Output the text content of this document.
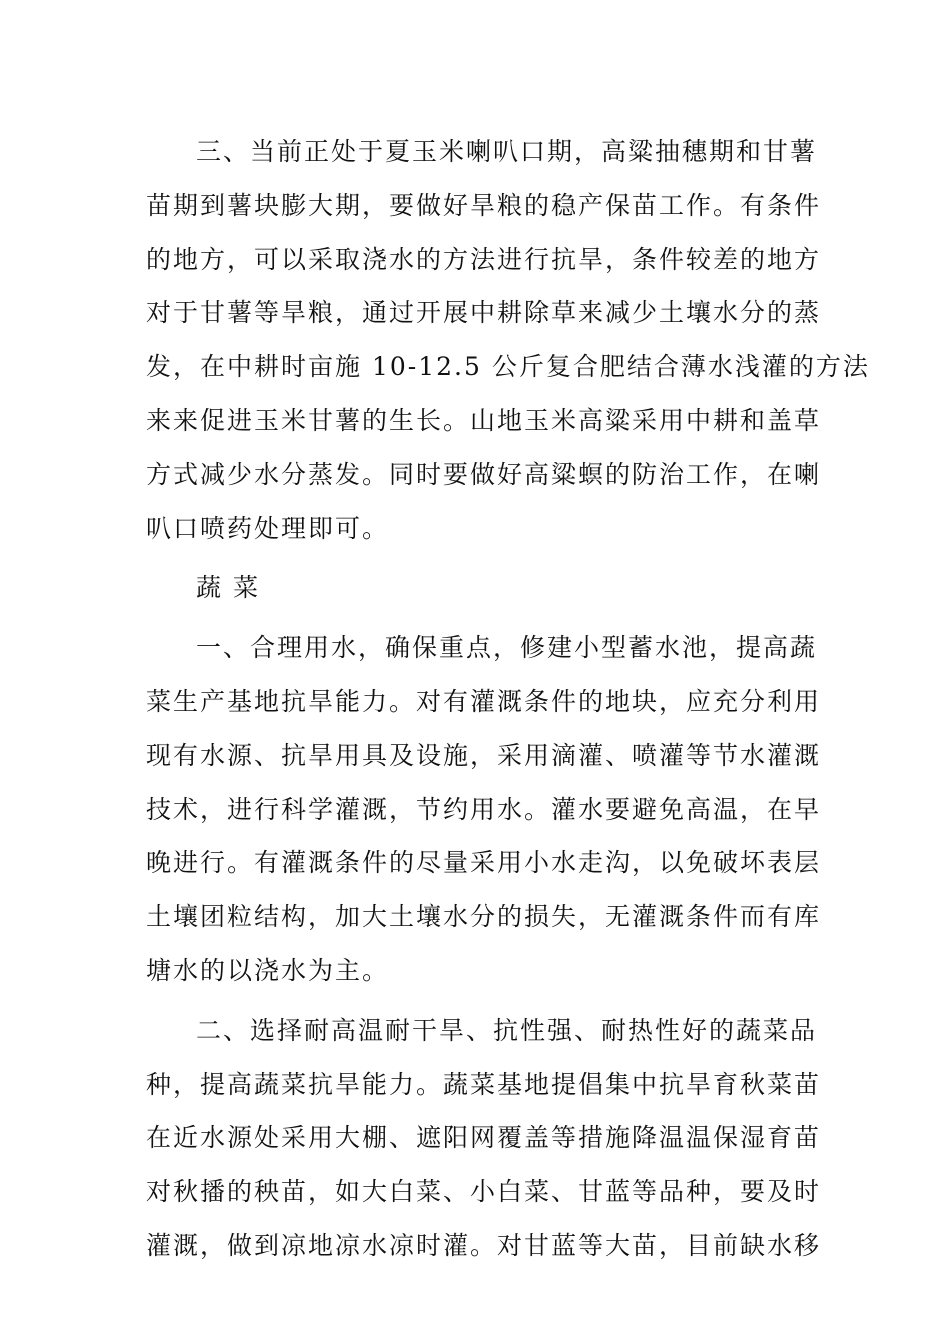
三、当前正处于夏玉米喇叭口期，高粱抽穗期和甘薯
苗期到薯块膨大期，要做好旱粮的稳产保苗工作。有条件
的地方，可以采取浇水的方法进行抗旱，条件较差的地方
对于甘薯等旱粮，通过开展中耕除草来减少土壤水分的蒸
发，在中耕时亩施 10-12.5 公斤复合肥结合薄水浅灌的方法
来来促进玉米甘薯的生长。山地玉米高粱采用中耕和盖草
方式减少水分蒸发。同时要做好高粱螟的防治工作，在喇
叭口喷药处理即可。
蔬 菜
一、合理用水，确保重点，修建小型蓄水池，提高蔬
菜生产基地抗旱能力。对有灌溉条件的地块，应充分利用
现有水源、抗旱用具及设施，采用滴灌、喷灌等节水灌溉
技术，进行科学灌溉，节约用水。灌水要避免高温，在早
晚进行。有灌溉条件的尽量采用小水走沟，以免破坏表层
土壤团粒结构，加大土壤水分的损失，无灌溉条件而有库
塘水的以浇水为主。
二、选择耐高温耐干旱、抗性强、耐热性好的蔬菜品
种，提高蔬菜抗旱能力。蔬菜基地提倡集中抗旱育秋菜苗
在近水源处采用大棚、遮阳网覆盖等措施降温温保湿育苗
对秋播的秧苗，如大白菜、小白菜、甘蓝等品种，要及时
灌溉，做到凉地凉水凉时灌。对甘蓝等大苗，目前缺水移
